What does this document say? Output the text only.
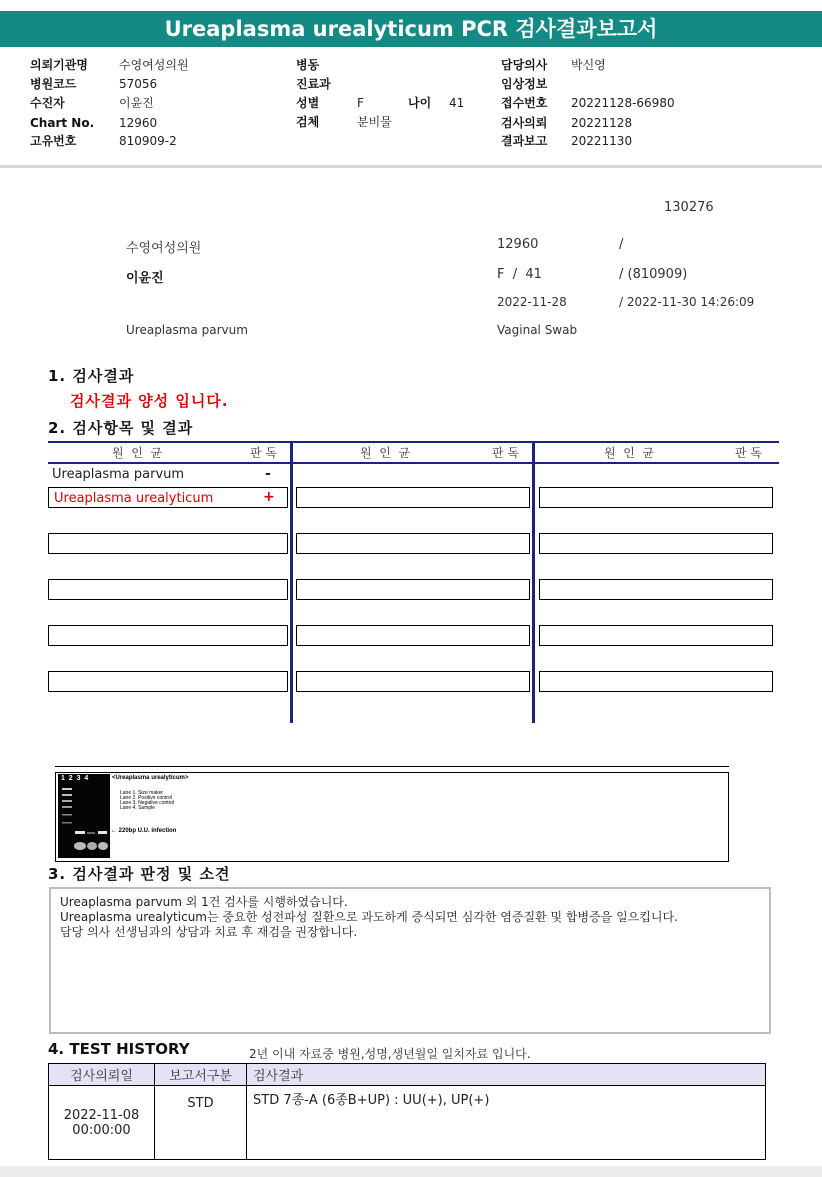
Ureaplasma urealyticum PCR 검사결과보고서
의뢰기관명	수영여성의원
병원코드	57056
수진자	이윤진
Chart No. 12960
고유번호	810909-2
병동
진료과
성별	F	나이 41
검체	분비물
담당의사 박신영
임상정보
접수번호 20221128-66980
검사의뢰 20221128
결과보고 20221130
130276
수영여성의원	12960	/
이윤진	F  /  41	/ (810909)
2022-11-28	/ 2022-11-30 14:26:09
Ureaplasma parvum	Vaginal Swab
1. 검사결과
검사결과 양성 입니다.
2. 검사항목 및 결과
원  인  균	판 독	원  인  균	판 독	원  인  균	판 독
Ureaplasma parvum	-
Ureaplasma urealyticum	+
1  2  3  4	<Ureaplasma urealyticum>
Lane 1. Size maker
Lane 2. Positive control
Lane 3. Negative control
Lane 4. Sample
← 220bp U.U. infection
3. 검사결과 판정 및 소견
Ureaplasma parvum 외 1건 검사를 시행하였습니다.
Ureaplasma urealyticum는 중요한 성전파성 질환으로 과도하게 증식되면 심각한 염증질환 및 합병증을 일으킵니다.
담당 의사 선생님과의 상담과 치료 후 재검을 권장합니다.
4. TEST HISTORY	2년 이내 자료중 병원,성명,생년월일 일치자료 입니다.
검사의뢰일	보고서구분	검사결과
2022-11-08 00:00:00	STD	STD 7종-A (6종B+UP) : UU(+), UP(+)
